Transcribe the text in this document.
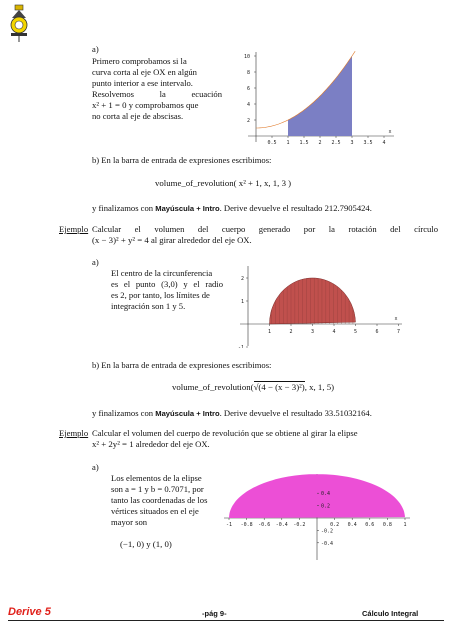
a)

Primero comprobamos si la

curva corta al eje OX en algún

punto interior a ese intervalo.

Resolvemos la ecuación

x² + 1 = 0 y comprobamos que

no corta al eje de abscisas.

0.5 1 1.5 2 2.5 3 3.5 4
10
8
6
4
2
x
b) En la barra de entrada de expresiones escribimos:
volume_of_revolution( x² + 1, x, 1, 3 )
y finalizamos con Mayúscula + Intro. Derive devuelve el resultado 212.7905424.
Ejemplo Calcular el volumen del cuerpo generado por la rotación del círculo

(x − 3)² + y² = 4 al girar alrededor del eje OX.

a)

El centro de la circunferencia

es el punto (3,0) y el radio

es 2, por tanto, los límites de

integración son 1 y 5.

1	2	3	4	5	6	7
2
1
-1
x
b) En la barra de entrada de expresiones escribimos:
volume_of_revolution(√(4 − (x − 3)²), x, 1, 5)
y finalizamos con Mayúscula + Intro. Derive devuelve el resultado 33.51032164.
Ejemplo Calcular el volumen del cuerpo de revolución que se obtiene al girar la elipse

x² + 2y² = 1 alrededor del eje OX.

a)

Los elementos de la elipse

son a = 1 y b = 0.7071, por

tanto las coordenadas de los

vértices situados en el eje

mayor son

(−1, 0) y (1, 0)
-1 -0.8 -0.6 -0.4 -0.2	0.2 0.4 0.6 0.8 1
0.4
0.2
-0.2
-0.4
Derive 5	-pág 9-	Cálculo Integral
